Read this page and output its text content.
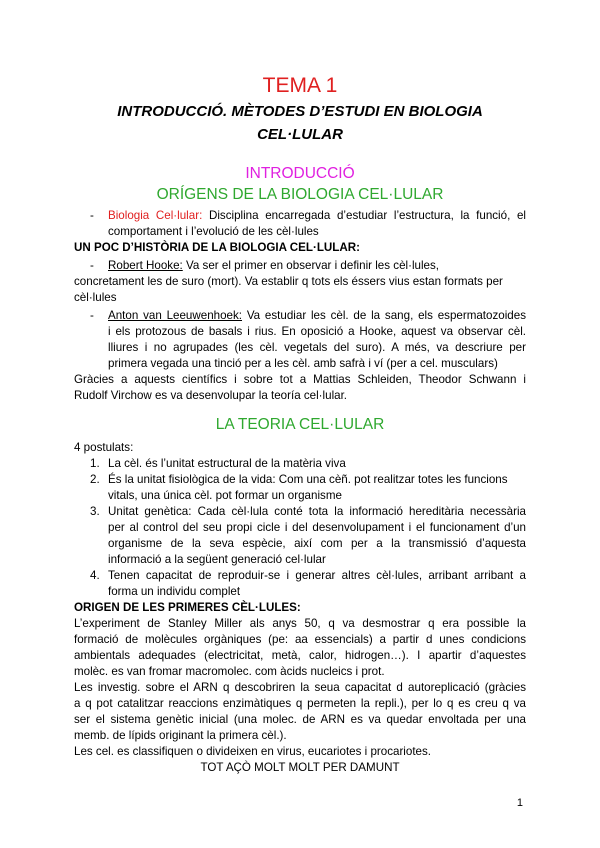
TEMA 1
INTRODUCCIÓ. MÈTODES D’ESTUDI EN BIOLOGIA
CEL·LULAR
INTRODUCCIÓ
ORÍGENS DE LA BIOLOGIA CEL·LULAR
- Biologia Cel·lular: Disciplina encarregada d’estudiar l’estructura, la funció, el
comportament i l’evolució de les cèl·lules
UN POC D’HISTÒRIA DE LA BIOLOGIA CEL·LULAR:
- Robert Hooke: Va ser el primer en observar i definir les cèl·lules,
concretament les de suro (mort). Va establir q tots els éssers vius estan formats per
cèl·lules
- Anton van Leeuwenhoek: Va estudiar les cèl. de la sang, els espermatozoides
i els protozous de basals i rius. En oposició a Hooke, aquest va observar cèl.
lliures i no agrupades (les cèl. vegetals del suro). A més, va descriure per
primera vegada una tinció per a les cèl. amb safrà i ví (per a cel. musculars)
Gràcies a aquests científics i sobre tot a Mattias Schleiden, Theodor Schwann i
Rudolf Virchow es va desenvolupar la teoría cel·lular.
LA TEORIA CEL·LULAR
4 postulats:
1. La cèl. és l’unitat estructural de la matèria viva
2. És la unitat fisiològica de la vida: Com una cèñ. pot realitzar totes les funcions
vitals, una única cèl. pot formar un organisme
3. Unitat genètica: Cada cèl·lula conté tota la informació hereditària necessària
per al control del seu propi cicle i del desenvolupament i el funcionament d’un
organisme de la seva espècie, així com per a la transmissió d’aquesta
informació a la següent generació cel·lular
4. Tenen capacitat de reproduir-se i generar altres cèl·lules, arribant arribant a
forma un individu complet
ORIGEN DE LES PRIMERES CÈL·LULES:
L’experiment de Stanley Miller als anys 50, q va desmostrar q era possible la
formació de molècules orgàniques (pe: aa essencials) a partir d unes condicions
ambientals adequades (electricitat, metà, calor, hidrogen…). I apartir d’aquestes
molèc. es van fromar macromolec. com àcids nucleics i prot.
Les investig. sobre el ARN q descobriren la seua capacitat d autoreplicació (gràcies
a q pot catalitzar reaccions enzimàtiques q permeten la repli.), per lo q es creu q va
ser el sistema genètic inicial (una molec. de ARN es va quedar envoltada per una
memb. de lípids originant la primera cèl.).
Les cel. es classifiquen o divideixen en virus, eucariotes i procariotes.
TOT AÇÒ MOLT MOLT PER DAMUNT
1
